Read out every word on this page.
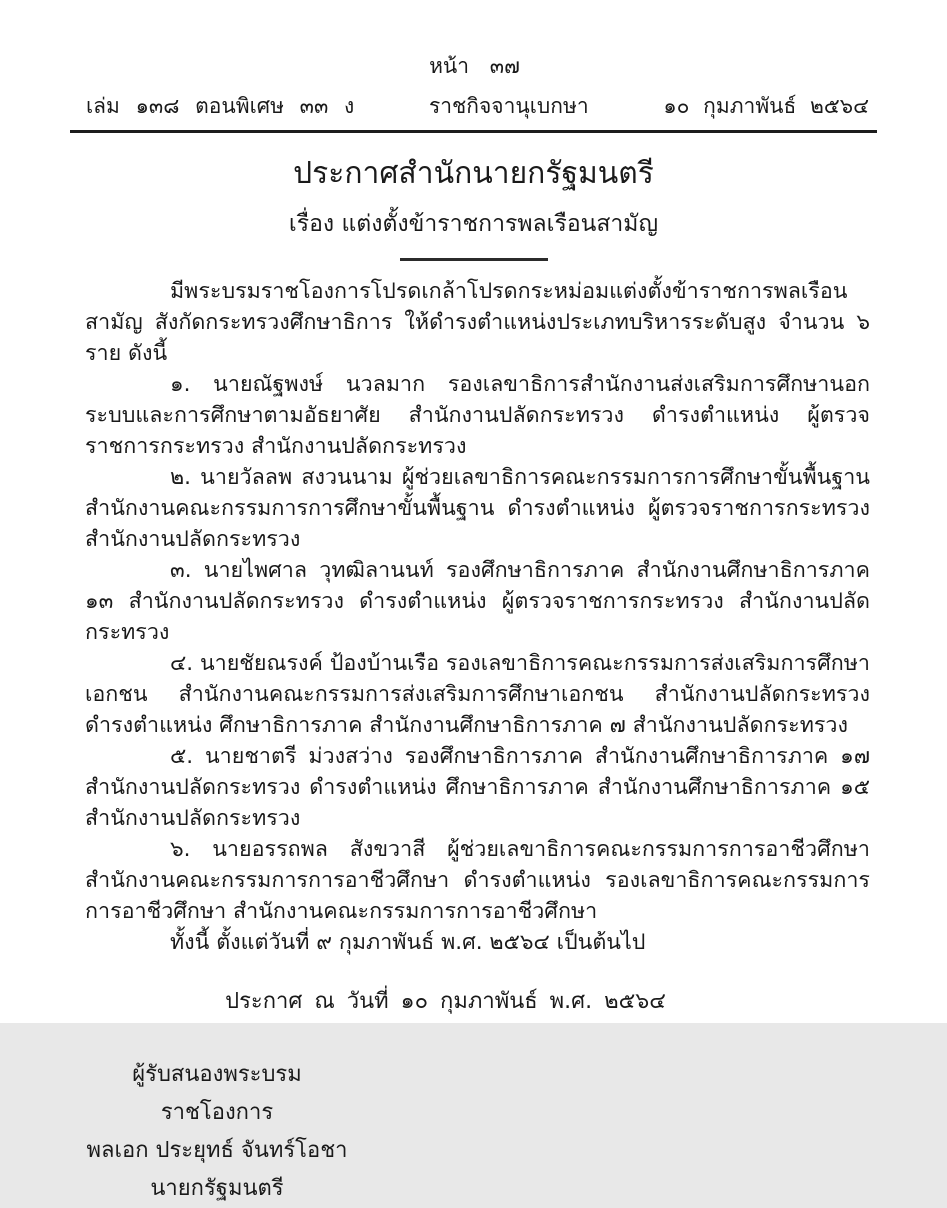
หน้า ๓๗
เล่ม ๑๓๘ ตอนพิเศษ ๓๓ ง	ราชกิจจานุเบกษา	๑๐ กุมภาพันธ์ ๒๕๖๔
ประกาศสำนักนายกรัฐมนตรี
เรื่อง แต่งตั้งข้าราชการพลเรือนสามัญ

มีพระบรมราชโองการโปรดเกล้าโปรดกระหม่อมแต่งตั้งข้าราชการพลเรือนสามัญ สังกัดกระทรวงศึกษาธิการ ให้ดำรงตำแหน่งประเภทบริหารระดับสูง จำนวน ๖ ราย ดังนี้

๑. นายณัฐพงษ์ นวลมาก รองเลขาธิการสำนักงานส่งเสริมการศึกษานอกระบบ​และการศึกษาตามอัธยาศัย สำนักงานปลัดกระทรวง ดำรงตำแหน่ง ผู้ตรวจราชการกระทรวง สำนักงานปลัดกระทรวง

๒. นายวัลลพ สงวนนาม ผู้ช่วยเลขาธิการคณะกรรมการการศึกษาขั้นพื้นฐาน สำนักงานคณะกรรมการการศึกษาขั้นพื้นฐาน ดำรงตำแหน่ง ผู้ตรวจราชการกระทรวง สำนักงานปลัดกระทรวง

๓. นายไพศาล วุทฒิลานนท์ รองศึกษาธิการภาค สำนักงานศึกษาธิการภาค ๑๓ สำนักงานปลัดกระทรวง ดำรงตำแหน่ง ผู้ตรวจราชการกระทรวง สำนักงานปลัดกระทรวง

๔. นายชัยณรงค์ ป้องบ้านเรือ รองเลขาธิการคณะกรรมการส่งเสริมการศึกษาเอกชน สำนักงานคณะกรรมการส่งเสริมการศึกษาเอกชน สำนักงานปลัดกระทรวง ดำรงตำแหน่ง ศึกษาธิการภาค สำนักงานศึกษาธิการภาค ๗ สำนักงานปลัดกระทรวง

๕. นายชาตรี ม่วงสว่าง รองศึกษาธิการภาค สำนักงานศึกษาธิการภาค ๑๗ สำนักงานปลัดกระทรวง ดำรงตำแหน่ง ศึกษาธิการภาค สำนักงานศึกษาธิการภาค ๑๕ สำนักงานปลัดกระทรวง

๖. นายอรรถพล สังขวาสี ผู้ช่วยเลขาธิการคณะกรรมการการอาชีวศึกษา สำนักงานคณะกรรมการการอาชีวศึกษา ดำรงตำแหน่ง รองเลขาธิการคณะกรรมการการอาชีวศึกษา สำนักงานคณะกรรมการการอาชีวศึกษา

ทั้งนี้ ตั้งแต่วันที่ ๙ กุมภาพันธ์ พ.ศ. ๒๕๖๔ เป็นต้นไป

ประกาศ ณ วันที่ ๑๐ กุมภาพันธ์ พ.ศ. ๒๕๖๔
ผู้รับสนองพระบรมราชโองการ
พลเอก ประยุทธ์ จันทร์โอชา
นายกรัฐมนตรี
